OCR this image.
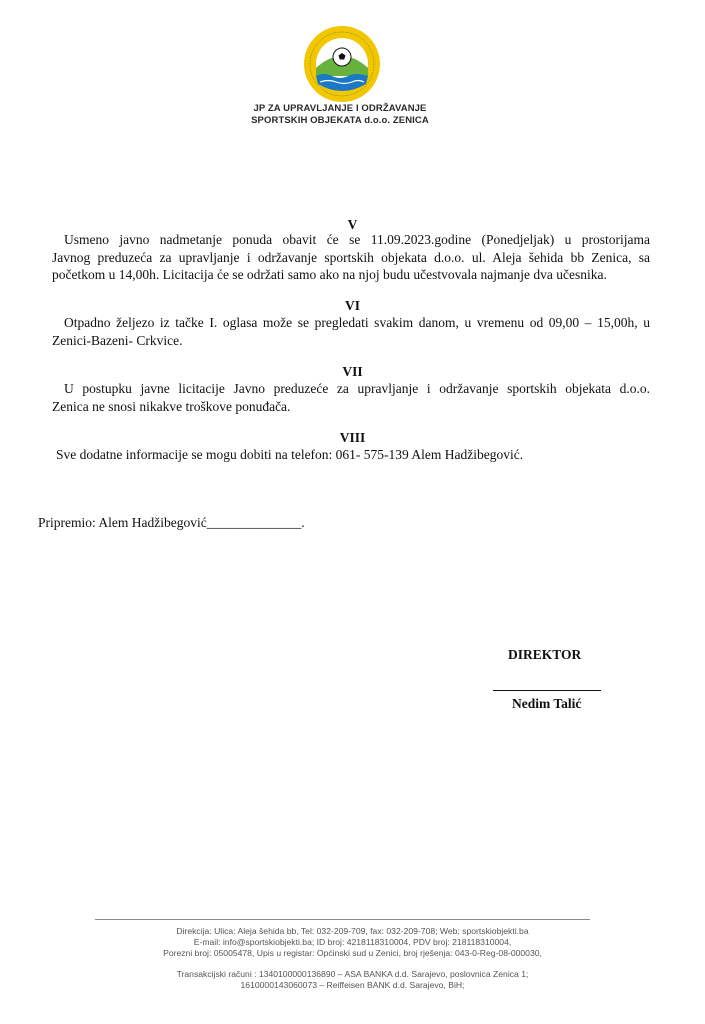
JP ZA UPRAVLJANJE I ODRŽAVANJE
SPORTSKIH OBJEKATA d.o.o. ZENICA
V
Usmeno javno nadmetanje ponuda obavit će se 11.09.2023.godine (Ponedjeljak) u prostorijama
Javnog preduzeća za upravljanje i održavanje sportskih objekata d.o.o. ul. Aleja šehida bb Zenica, sa
početkom u 14,00h. Licitacija će se održati samo ako na njoj budu učestvovala najmanje dva učesnika.
VI
Otpadno željezo iz tačke I. oglasa može se pregledati svakim danom, u vremenu od 09,00 – 15,00h, u
Zenici-Bazeni- Crkvice.
VII
U postupku javne licitacije Javno preduzeće za upravljanje i održavanje sportskih objekata d.o.o.
Zenica ne snosi nikakve troškove ponuđača.
VIII
Sve dodatne informacije se mogu dobiti na telefon: 061- 575-139 Alem Hadžibegović.
Pripremio: Alem Hadžibegović______________.
DIREKTOR
Nedim Talić
Direkcija: Ulica: Aleja šehida bb, Tel: 032-209-709, fax: 032-209-708; Web: sportskiobjekti.ba
E-mail: info@sportskiobjekti.ba; ID broj: 4218118310004, PDV broj: 218118310004,
Porezni broj: 05005478, Upis u registar: Općinski sud u Zenici, broj rješenja: 043-0-Reg-08-000030,
Transakcijski računi : 1340100000136890 – ASA BANKA d.d. Sarajevo, poslovnica Zenica 1;
1610000143060073 – Reiffeisen BANK d.d. Sarajevo, BiH;
